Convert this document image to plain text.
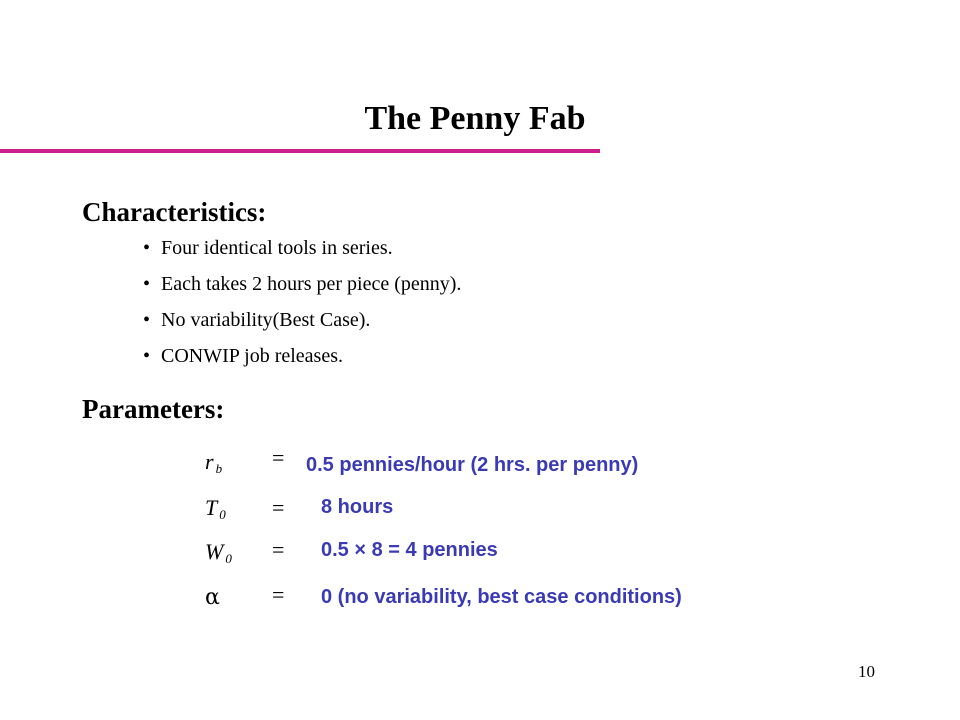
The Penny Fab
Characteristics:
• Four identical tools in series.
• Each takes 2 hours per piece (penny).
• No variability(Best Case).
• CONWIP job releases.
Parameters:
r $_b$ = 0.5 pennies/hour (2 hrs. per penny)
T $_0$ = 8 hours
W $_0$ = 0.5 × 8 = 4 pennies
α = 0 (no variability, best case conditions)
10
